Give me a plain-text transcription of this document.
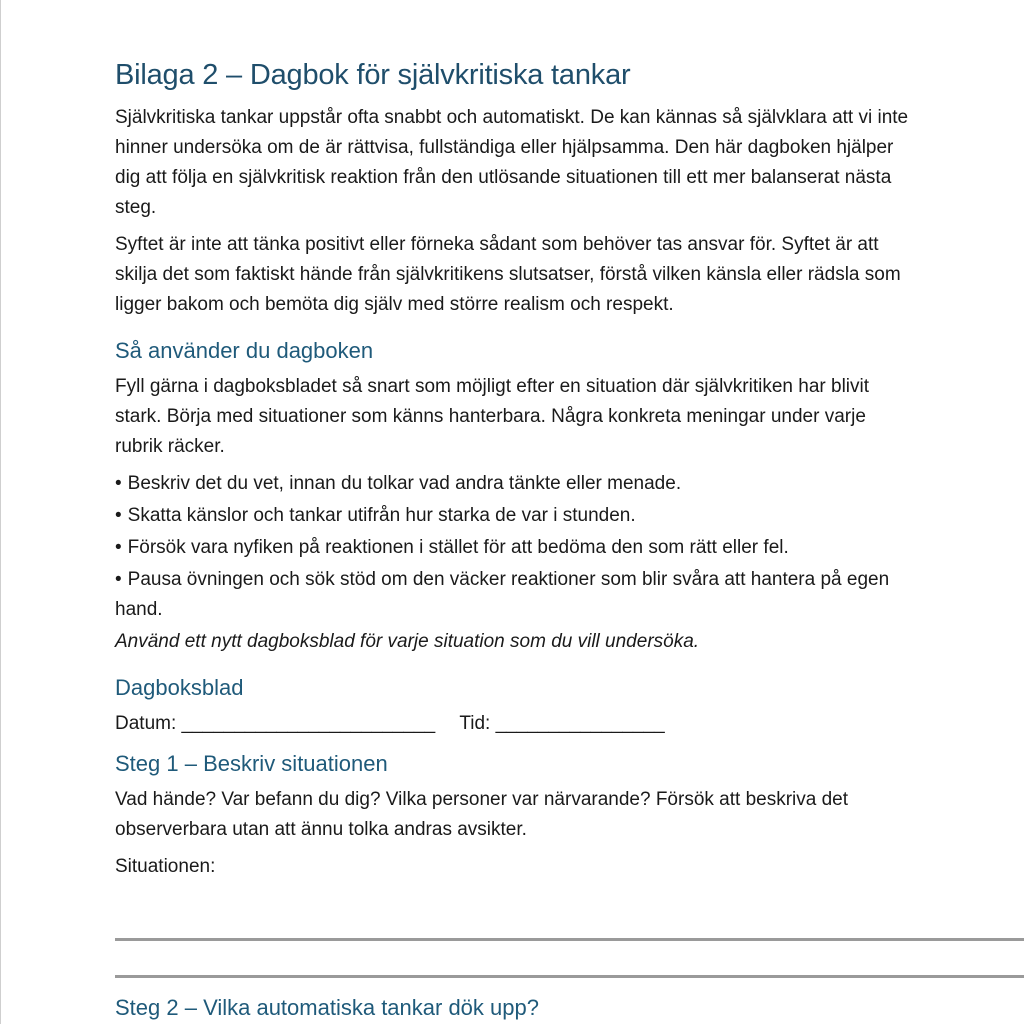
Bilaga 2 – Dagbok för självkritiska tankar

Självkritiska tankar uppstår ofta snabbt och automatiskt. De kan kännas så självklara att vi inte hinner undersöka om de är rättvisa, fullständiga eller hjälpsamma. Den här dagboken hjälper dig att följa en självkritisk reaktion från den utlösande situationen till ett mer balanserat nästa steg.

Syftet är inte att tänka positivt eller förneka sådant som behöver tas ansvar för. Syftet är att skilja det som faktiskt hände från självkritikens slutsatser, förstå vilken känsla eller rädsla som ligger bakom och bemöta dig själv med större realism och respekt.

Så använder du dagboken

Fyll gärna i dagboksbladet så snart som möjligt efter en situation där självkritiken har blivit stark. Börja med situationer som känns hanterbara. Några konkreta meningar under varje rubrik räcker.

• Beskriv det du vet, innan du tolkar vad andra tänkte eller menade.
• Skatta känslor och tankar utifrån hur starka de var i stunden.
• Försök vara nyfiken på reaktionen i stället för att bedöma den som rätt eller fel.
• Pausa övningen och sök stöd om den väcker reaktioner som blir svåra att hantera på egen hand.

Använd ett nytt dagboksblad för varje situation som du vill undersöka.

Dagboksblad
Datum: ________________________ Tid: ________________
Steg 1 – Beskriv situationen

Vad hände? Var befann du dig? Vilka personer var närvarande? Försök att beskriva det observerbara utan att ännu tolka andras avsikter.

Situationen:

Steg 2 – Vilka automatiska tankar dök upp?
